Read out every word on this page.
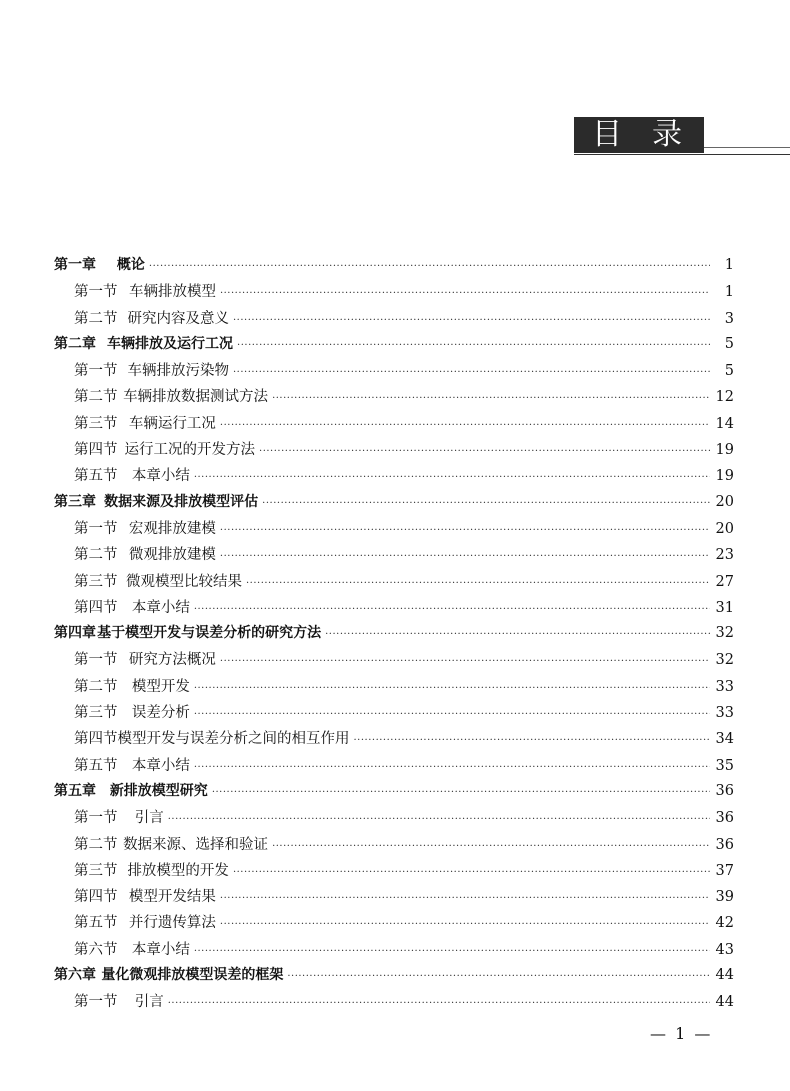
目 录
第一章	概论 ·····	1
第一节 车辆排放模型 ·····	1
第二节 研究内容及意义 ·····	3
第二章 车辆排放及运行工况 ·····	5
第一节 车辆排放污染物 ·····	5
第二节 车辆排放数据测试方法 ·····	12
第三节 车辆运行工况 ·····	14
第四节 运行工况的开发方法 ·····	19
第五节 本章小结 ·····	19
第三章 数据来源及排放模型评估 ·····	20
第一节 宏观排放建模 ·····	20
第二节 微观排放建模 ·····	23
第三节 微观模型比较结果 ·····	27
第四节 本章小结 ·····	31
第四章 基于模型开发与误差分析的研究方法 ·····	32
第一节 研究方法概况 ·····	32
第二节 模型开发 ·····	33
第三节 误差分析 ·····	33
第四节 模型开发与误差分析之间的相互作用 ·····	34
第五节 本章小结 ·····	35
第五章 新排放模型研究 ·····	36
第一节	引言 ·····	36
第二节 数据来源、选择和验证 ·····	36
第三节 排放模型的开发 ·····	37
第四节 模型开发结果 ·····	39
第五节 并行遗传算法 ·····	42
第六节 本章小结 ·····	43
第六章 量化微观排放模型误差的框架 ·····	44
第一节	引言 ·····	44
— 1 —
